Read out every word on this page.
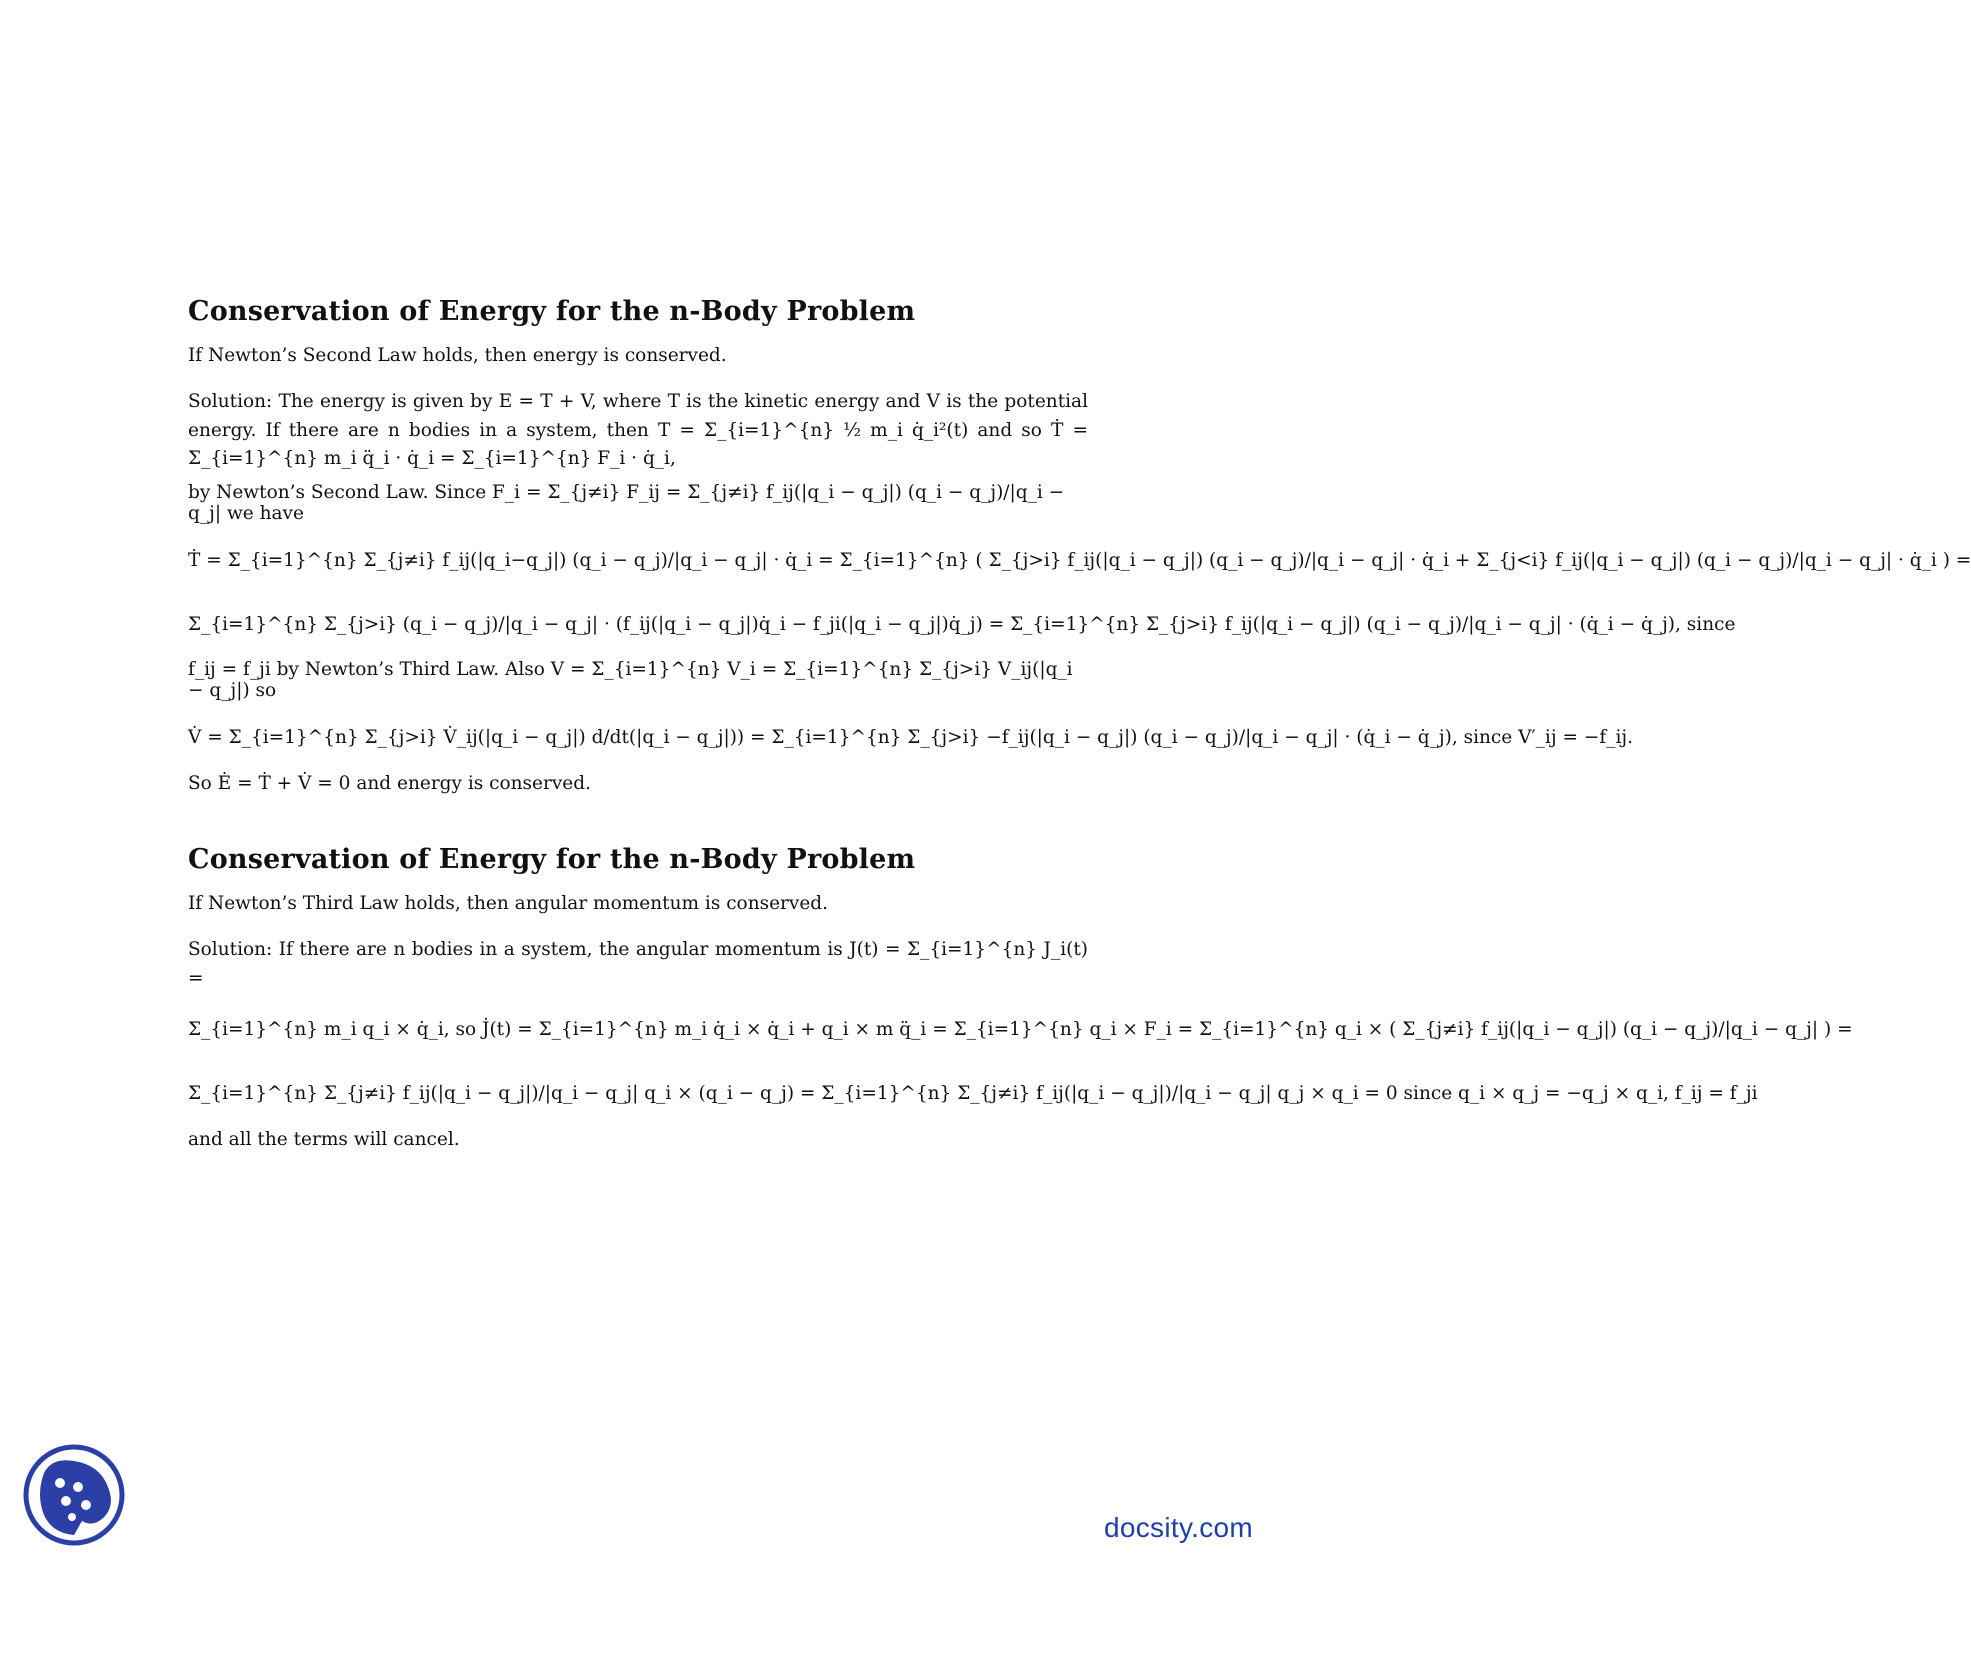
Conservation of Energy for the n-Body Problem

If Newton’s Second Law holds, then energy is conserved.

Solution: The energy is given by E = T + V, where T is the kinetic energy and V is the potential energy. If there are n bodies in a system, then T = Σ_{i=1}^{n} ½ m_i q̇_i²(t) and so Ṫ = Σ_{i=1}^{n} m_i q̈_i · q̇_i = Σ_{i=1}^{n} F_i · q̇_i,

by Newton’s Second Law. Since F_i = Σ_{j≠i} F_ij = Σ_{j≠i} f_ij(|q_i − q_j|) (q_i − q_j)/|q_i − q_j| we have

Ṫ = Σ_{i=1}^{n} Σ_{j≠i} f_ij(|q_i−q_j|) (q_i − q_j)/|q_i − q_j| · q̇_i = Σ_{i=1}^{n} ( Σ_{j>i} f_ij(|q_i − q_j|) (q_i − q_j)/|q_i − q_j| · q̇_i + Σ_{j<i} f_ij(|q_i − q_j|) (q_i − q_j)/|q_i − q_j| · q̇_i ) =
Σ_{i=1}^{n} Σ_{j>i} (q_i − q_j)/|q_i − q_j| · (f_ij(|q_i − q_j|)q̇_i − f_ji(|q_i − q_j|)q̇_j) = Σ_{i=1}^{n} Σ_{j>i} f_ij(|q_i − q_j|) (q_i − q_j)/|q_i − q_j| · (q̇_i − q̇_j), since

f_ij = f_ji by Newton’s Third Law. Also V = Σ_{i=1}^{n} V_i = Σ_{i=1}^{n} Σ_{j>i} V_ij(|q_i − q_j|) so

V̇ = Σ_{i=1}^{n} Σ_{j>i} V̇_ij(|q_i − q_j|) d/dt(|q_i − q_j|)) = Σ_{i=1}^{n} Σ_{j>i} −f_ij(|q_i − q_j|) (q_i − q_j)/|q_i − q_j| · (q̇_i − q̇_j), since V′_ij = −f_ij.

So Ė = Ṫ + V̇ = 0 and energy is conserved.

Conservation of Energy for the n-Body Problem

If Newton’s Third Law holds, then angular momentum is conserved.

Solution: If there are n bodies in a system, the angular momentum is J(t) = Σ_{i=1}^{n} J_i(t) =

Σ_{i=1}^{n} m_i q_i × q̇_i, so J̇(t) = Σ_{i=1}^{n} m_i q̇_i × q̇_i + q_i × m q̈_i = Σ_{i=1}^{n} q_i × F_i = Σ_{i=1}^{n} q_i × ( Σ_{j≠i} f_ij(|q_i − q_j|) (q_i − q_j)/|q_i − q_j| ) =
Σ_{i=1}^{n} Σ_{j≠i} f_ij(|q_i − q_j|)/|q_i − q_j| q_i × (q_i − q_j) = Σ_{i=1}^{n} Σ_{j≠i} f_ij(|q_i − q_j|)/|q_i − q_j| q_j × q_i = 0 since q_i × q_j = −q_j × q_i, f_ij = f_ji

and all the terms will cancel.

docsity.com
